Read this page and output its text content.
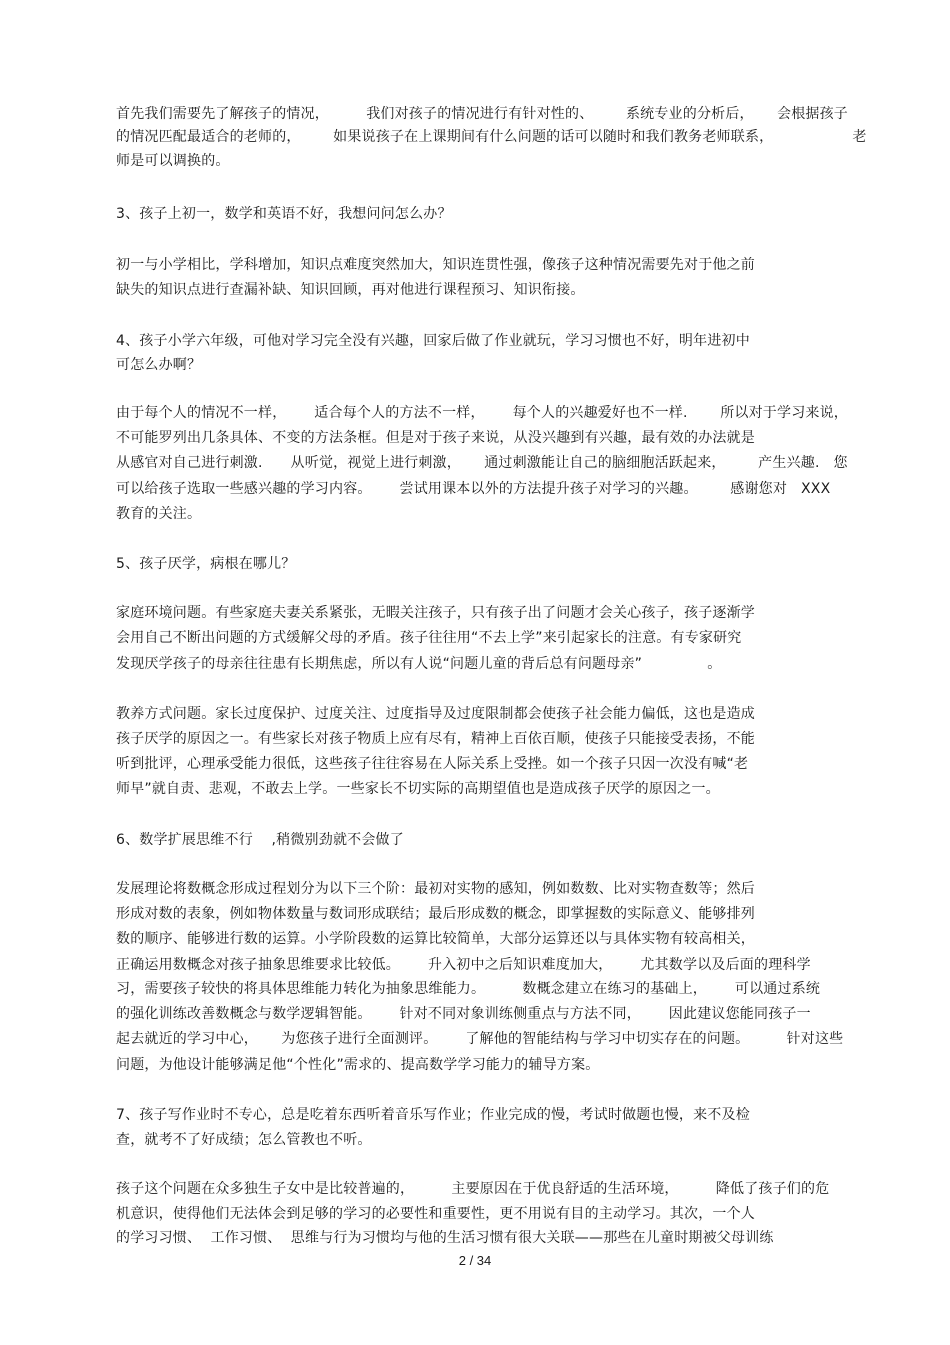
首先我们需要先了解孩子的情况，        我们对孩子的情况进行有针对性的、       系统专业的分析后，     会根据孩子
的情况匹配最适合的老师的，       如果说孩子在上课期间有什么问题的话可以随时和我们教务老师联系，                 老
师是可以调换的。
3、孩子上初一，数学和英语不好，我想问问怎么办？
初一与小学相比，学科增加，知识点难度突然加大，知识连贯性强，像孩子这种情况需要先对于他之前
缺失的知识点进行查漏补缺、知识回顾，再对他进行课程预习、知识衔接。
4、孩子小学六年级，可他对学习完全没有兴趣，回家后做了作业就玩，学习习惯也不好，明年进初中
可怎么办啊？
由于每个人的情况不一样，      适合每个人的方法不一样，      每个人的兴趣爱好也不一样.       所以对于学习来说，
不可能罗列出几条具体、不变的方法条框。但是对于孩子来说，从没兴趣到有兴趣，最有效的办法就是
从感官对自己进行刺激.      从听觉，视觉上进行刺激，     通过刺激能让自己的脑细胞活跃起来，       产生兴趣.   您
可以给孩子选取一些感兴趣的学习内容。      尝试用课本以外的方法提升孩子对学习的兴趣。       感谢您对   XXX
教育的关注。
5、孩子厌学，病根在哪儿？
家庭环境问题。有些家庭夫妻关系紧张，无暇关注孩子，只有孩子出了问题才会关心孩子，孩子逐渐学
会用自己不断出问题的方式缓解父母的矛盾。孩子往往用“不去上学”来引起家长的注意。有专家研究
发现厌学孩子的母亲往往患有长期焦虑，所以有人说“问题儿童的背后总有问题母亲”              。
教养方式问题。家长过度保护、过度关注、过度指导及过度限制都会使孩子社会能力偏低，这也是造成
孩子厌学的原因之一。有些家长对孩子物质上应有尽有，精神上百依百顺，使孩子只能接受表扬，不能
听到批评，心理承受能力很低，这些孩子往往容易在人际关系上受挫。如一个孩子只因一次没有喊“老
师早”就自责、悲观，不敢去上学。一些家长不切实际的高期望值也是造成孩子厌学的原因之一。
6、数学扩展思维不行    ,稍微别劲就不会做了
发展理论将数概念形成过程划分为以下三个阶：最初对实物的感知，例如数数、比对实物查数等；然后
形成对数的表象，例如物体数量与数词形成联结；最后形成数的概念，即掌握数的实际意义、能够排列
数的顺序、能够进行数的运算。小学阶段数的运算比较简单，大部分运算还以与具体实物有较高相关，
正确运用数概念对孩子抽象思维要求比较低。      升入初中之后知识难度加大，      尤其数学以及后面的理科学
习，需要孩子较快的将具体思维能力转化为抽象思维能力。        数概念建立在练习的基础上，      可以通过系统
的强化训练改善数概念与数学逻辑智能。      针对不同对象训练侧重点与方法不同，      因此建议您能同孩子一
起去就近的学习中心，     为您孩子进行全面测评。      了解他的智能结构与学习中切实存在的问题。        针对这些
问题，为他设计能够满足他“个性化”需求的、提高数学学习能力的辅导方案。
7、孩子写作业时不专心，总是吃着东西听着音乐写作业；作业完成的慢，考试时做题也慢，来不及检
查，就考不了好成绩；怎么管教也不听。
孩子这个问题在众多独生子女中是比较普遍的，        主要原因在于优良舒适的生活环境，        降低了孩子们的危
机意识，使得他们无法体会到足够的学习的必要性和重要性，更不用说有目的主动学习。其次，一个人
的学习习惯、  工作习惯、  思维与行为习惯均与他的生活习惯有很大关联——那些在儿童时期被父母训练
2 / 34
